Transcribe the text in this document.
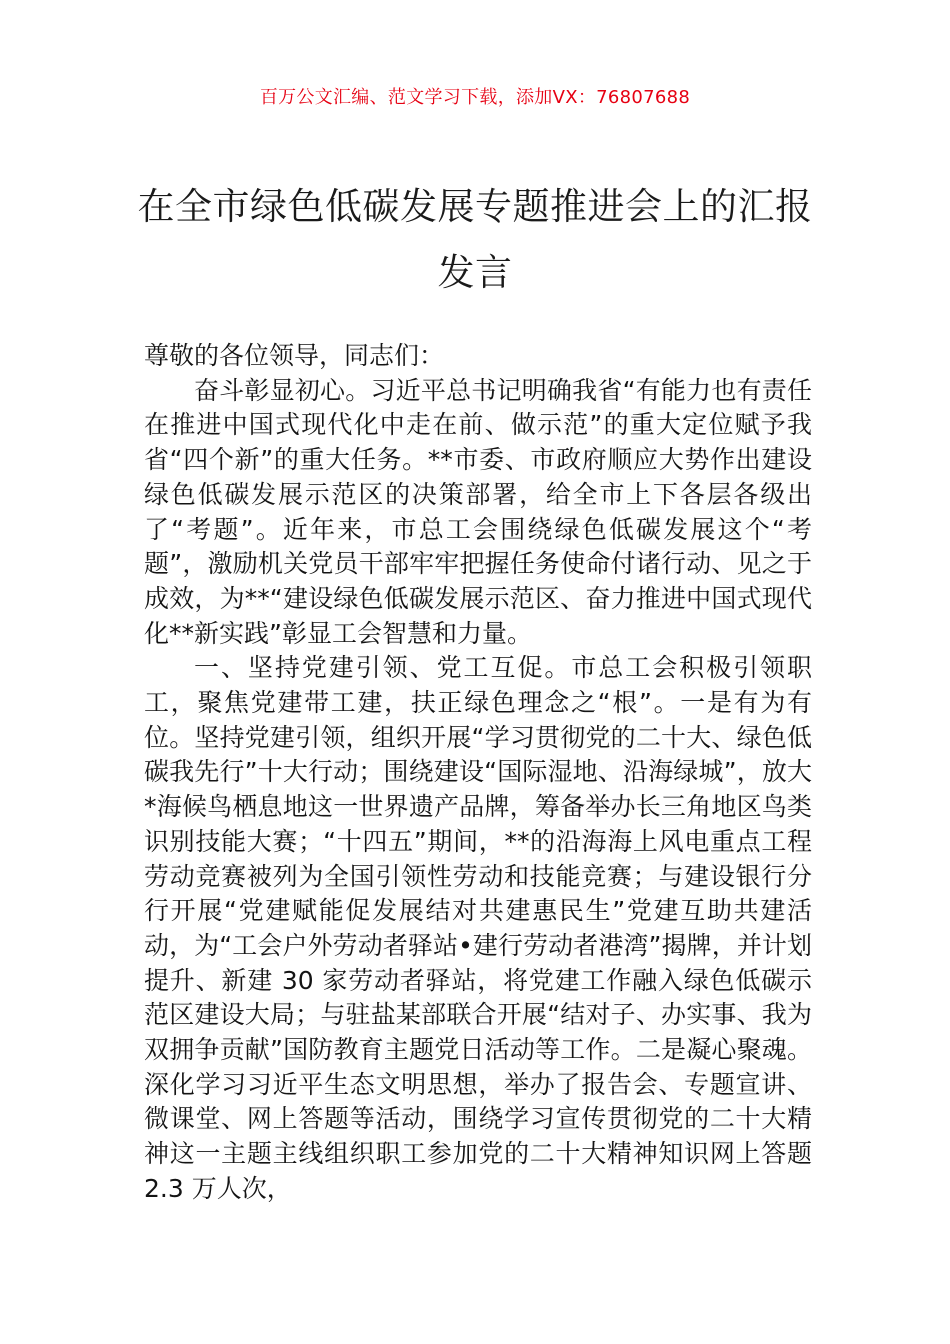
百万公文汇编、范文学习下载，添加VX：76807688
在全市绿色低碳发展专题推进会上的汇报发言

尊敬的各位领导，同志们：

奋斗彰显初心。习近平总书记明确我省“有能力也有责任在推进中国式现代化中走在前、做示范”的重大定位赋予我省“四个新”的重大任务。**市委、市政府顺应大势作出建设绿色低碳发展示范区的决策部署，给全市上下各层各级出了“考题”。近年来，市总工会围绕绿色低碳发展这个“考题”，激励机关党员干部牢牢把握任务使命付诸行动、见之于成效，为**“建设绿色低碳发展示范区、奋力推进中国式现代化**新实践”彰显工会智慧和力量。

一、坚持党建引领、党工互促。市总工会积极引领职工，聚焦党建带工建，扶正绿色理念之“根”。一是有为有位。坚持党建引领，组织开展“学习贯彻党的二十大、绿色低碳我先行”十大行动；围绕建设“国际湿地、沿海绿城”，放大*海候鸟栖息地这一世界遗产品牌，筹备举办长三角地区鸟类识别技能大赛；“十四五”期间，**的沿海海上风电重点工程劳动竞赛被列为全国引领性劳动和技能竞赛；与建设银行分行开展“党建赋能促发展结对共建惠民生”党建互助共建活动，为“工会户外劳动者驿站•建行劳动者港湾”揭牌，并计划提升、新建 30 家劳动者驿站，将党建工作融入绿色低碳示范区建设大局；与驻盐某部联合开展“结对子、办实事、我为双拥争贡献”国防教育主题党日活动等工作。二是凝心聚魂。深化学习习近平生态文明思想，举办了报告会、专题宣讲、微课堂、网上答题等活动，围绕学习宣传贯彻党的二十大精神这一主题主线组织职工参加党的二十大精神知识网上答题 2.3 万人次，
